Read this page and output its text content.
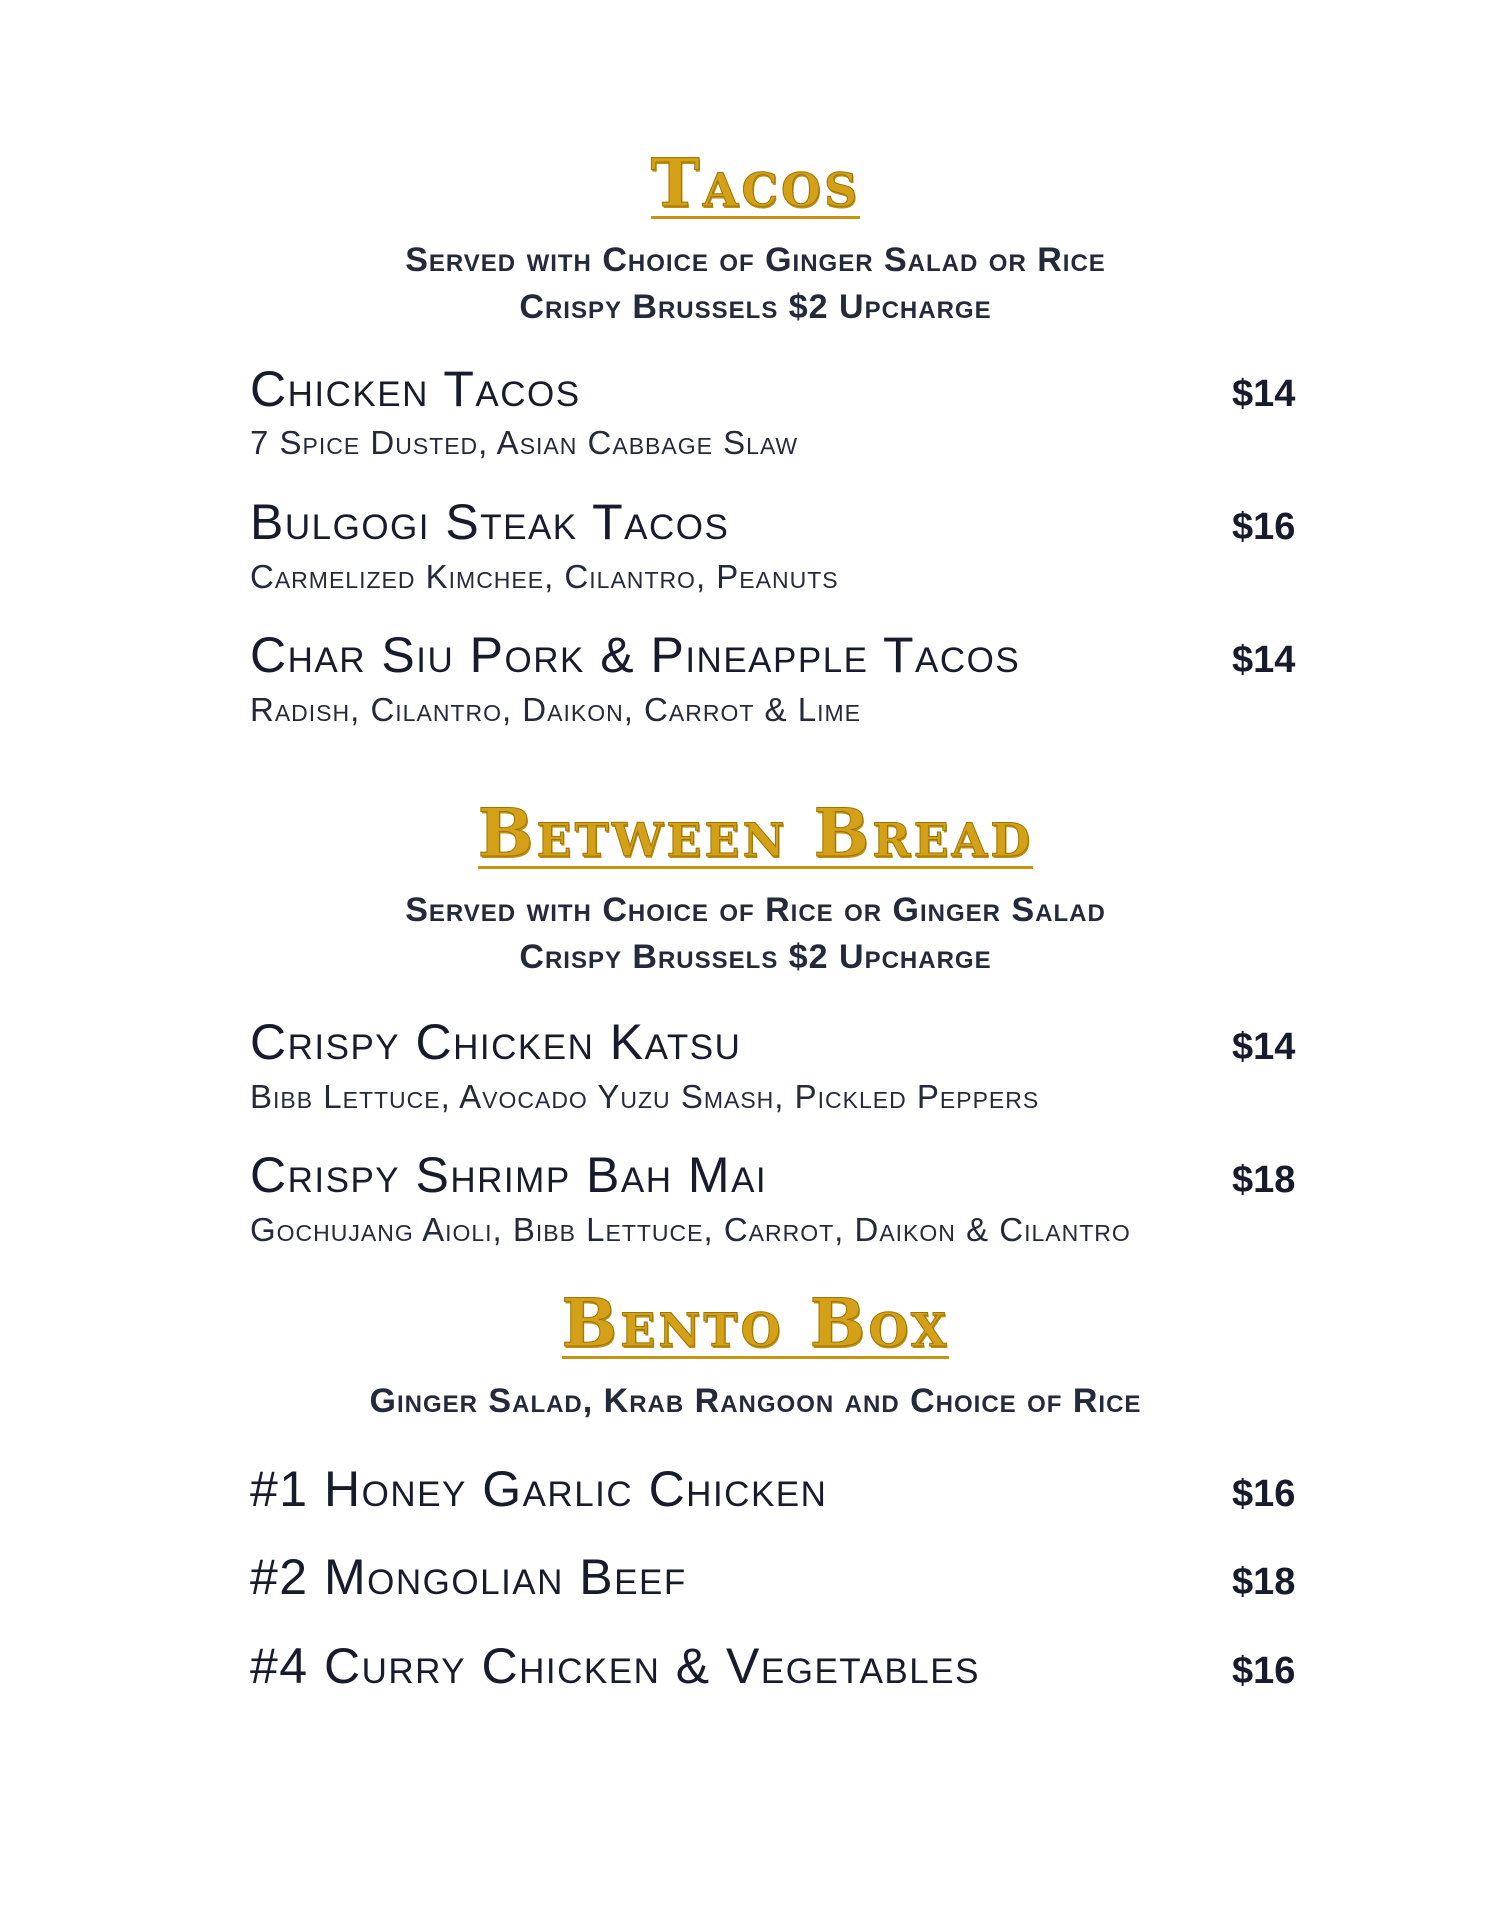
Tacos
Served with Choice of Ginger Salad or Rice
Crispy Brussels $2 Upcharge
Chicken Tacos	$14
7 Spice Dusted, Asian Cabbage Slaw
Bulgogi Steak Tacos	$16
Carmelized Kimchee, Cilantro, Peanuts
Char Siu Pork & Pineapple Tacos	$14
Radish, Cilantro, Daikon, Carrot & Lime
Between Bread
Served with Choice of Rice or Ginger Salad
Crispy Brussels $2 Upcharge
Crispy Chicken Katsu	$14
Bibb Lettuce, Avocado Yuzu Smash, Pickled Peppers
Crispy Shrimp Bah Mai	$18
Gochujang Aioli, Bibb Lettuce, Carrot, Daikon & Cilantro
Bento Box
Ginger Salad, Krab Rangoon and Choice of Rice
#1 Honey Garlic Chicken	$16
#2 Mongolian Beef	$18
#4 Curry Chicken & Vegetables	$16
